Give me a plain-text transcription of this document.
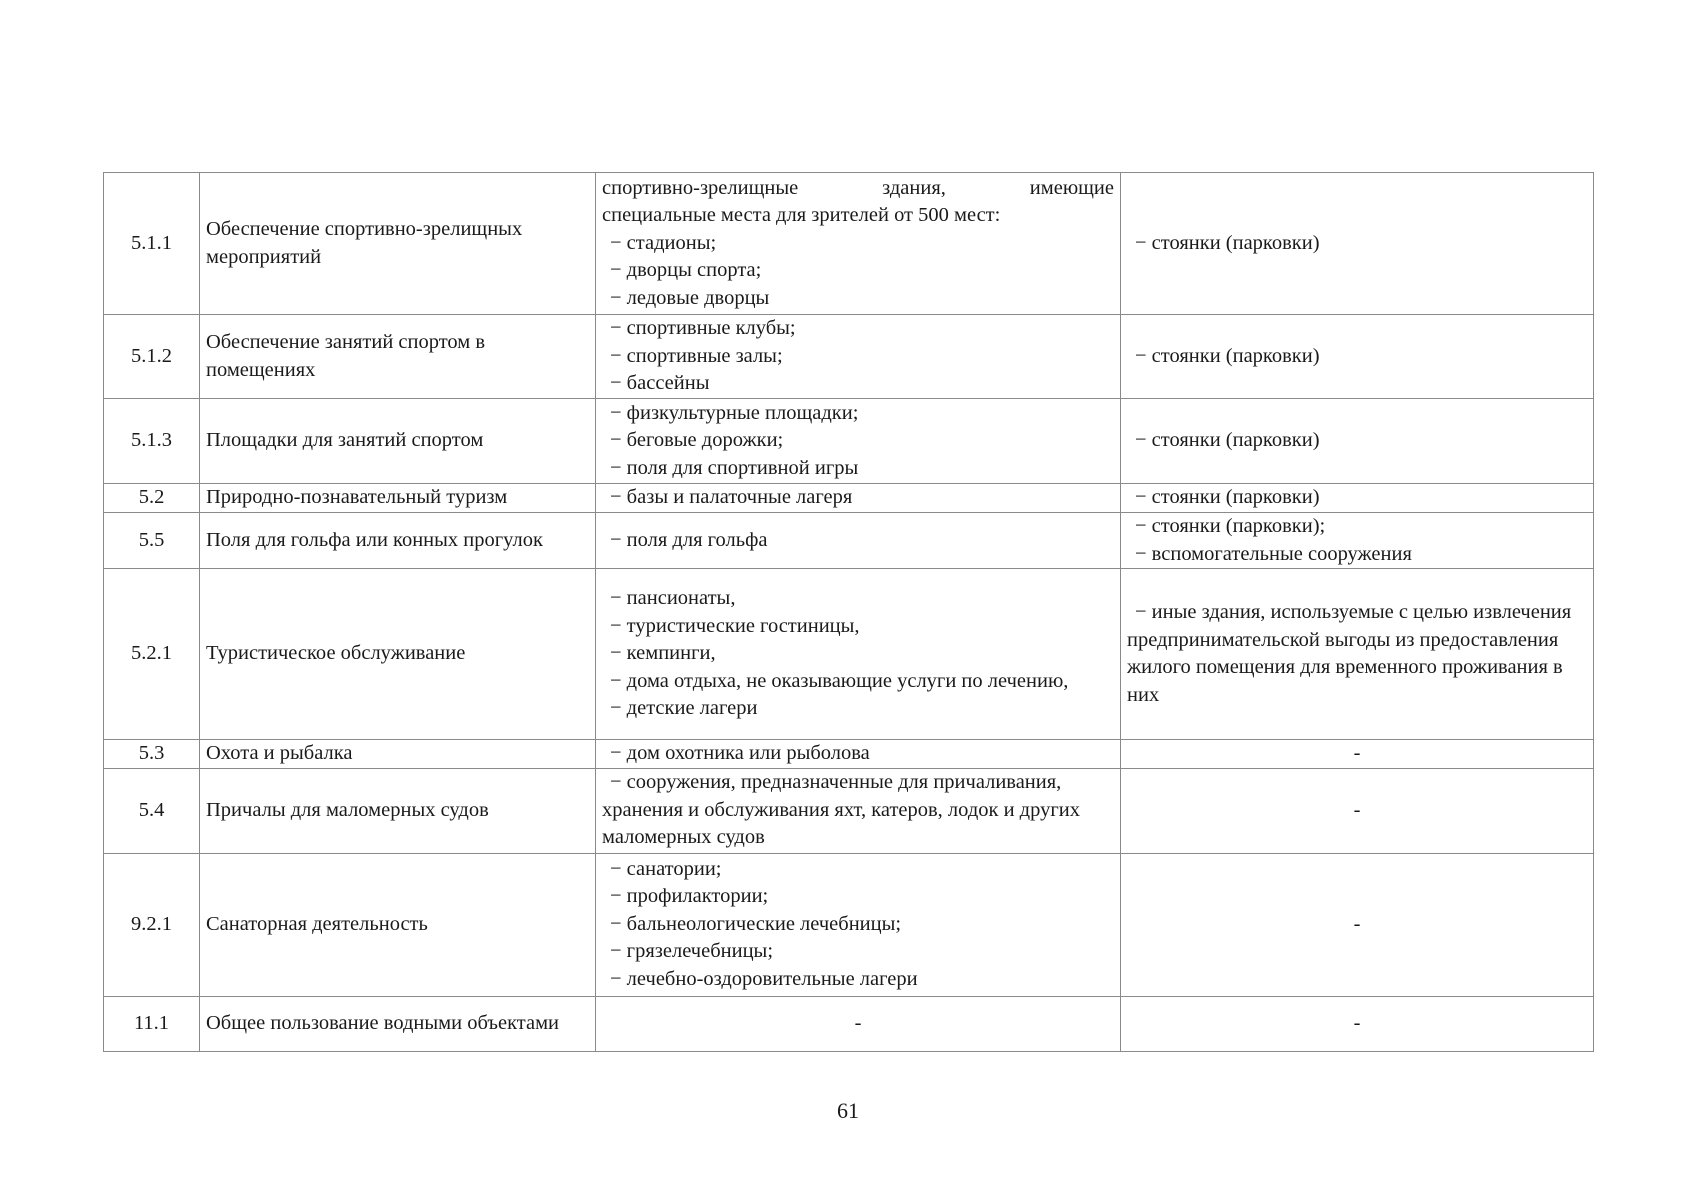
5.1.1	Обеспечение спортивно-зрелищных мероприятий	спортивно-зрелищные здания, имеющие
специальные места для зрителей от 500 мест:
− стадионы;
− дворцы спорта;
− ледовые дворцы	− стоянки (парковки)

5.1.2	Обеспечение занятий спортом в помещениях	− спортивные клубы;
− спортивные залы;
− бассейны	− стоянки (парковки)

5.1.3	Площадки для занятий спортом	− физкультурные площадки;
− беговые дорожки;
− поля для спортивной игры	− стоянки (парковки)

5.2	Природно-познавательный туризм	− базы и палаточные лагеря	− стоянки (парковки)

5.5	Поля для гольфа или конных прогулок	− поля для гольфа	− стоянки (парковки);
− вспомогательные сооружения

5.2.1	Туристическое обслуживание	− пансионаты,
− туристические гостиницы,
− кемпинги,
− дома отдыха, не оказывающие услуги по лечению,
− детские лагери	− иные здания, используемые с целью извлечения предпринимательской выгоды из предоставления жилого помещения для временного проживания в них

5.3	Охота и рыбалка	− дом охотника или рыболова	-
5.4	Причалы для маломерных судов	− сооружения, предназначенные для причаливания, хранения и обслуживания яхт, катеров, лодок и других маломерных судов	-
9.2.1	Санаторная деятельность	− санатории;
− профилактории;
− бальнеологические лечебницы;
− грязелечебницы;
− лечебно-оздоровительные лагери	-
11.1	Общее пользование водными объектами	-	-
61
